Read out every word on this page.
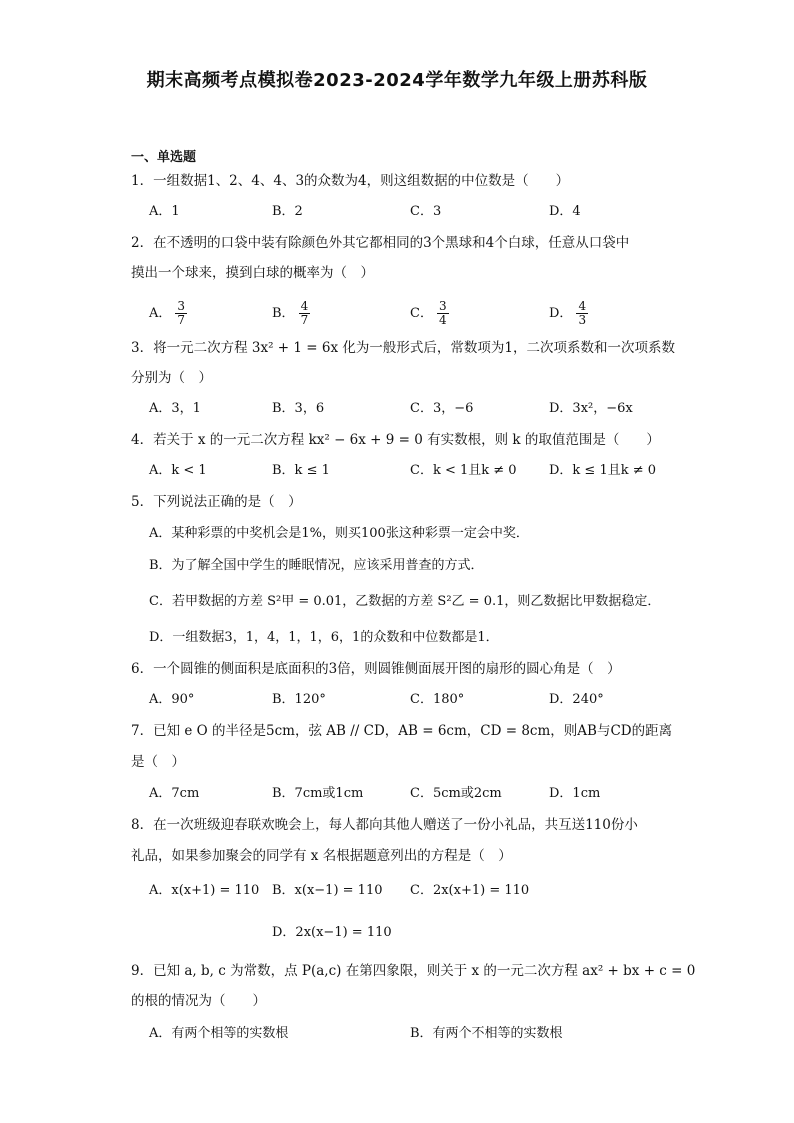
期末高频考点模拟卷2023-2024学年数学九年级上册苏科版
一、单选题
1．一组数据1、2、4、4、3的众数为4，则这组数据的中位数是（　　）
A．1	B．2	C．3	D．4
2．在不透明的口袋中装有除颜色外其它都相同的3个黑球和4个白球，任意从口袋中
摸出一个球来，摸到白球的概率为（　）
A． $\frac{3}{7}$	B． $\frac{4}{7}$	C． $\frac{3}{4}$	D． $\frac{4}{3}$
3．将一元二次方程 3x² + 1 = 6x 化为一般形式后，常数项为1，二次项系数和一次项系数
分别为（　）
A．3，1	B．3，6	C．3，−6	D．3x²，−6x
4．若关于 x 的一元二次方程 kx² − 6x + 9 = 0 有实数根，则 k 的取值范围是（　　）
A．k < 1	B．k ≤ 1	C．k < 1且k ≠ 0 D．k ≤ 1且k ≠ 0
5．下列说法正确的是（　）
A．某种彩票的中奖机会是1%，则买100张这种彩票一定会中奖．
B．为了解全国中学生的睡眠情况，应该采用普查的方式．
C．若甲数据的方差 S²甲 = 0.01，乙数据的方差 S²乙 = 0.1，则乙数据比甲数据稳定．
D．一组数据3，1，4，1，1，6，1的众数和中位数都是1．
6．一个圆锥的侧面积是底面积的3倍，则圆锥侧面展开图的扇形的圆心角是（　）
A．90°	B．120°	C．180°	D．240°
7．已知 e O 的半径是5cm，弦 AB // CD，AB = 6cm，CD = 8cm，则AB与CD的距离
是（　）
A．7cm	B．7cm或1cm	C．5cm或2cm	D．1cm
8．在一次班级迎春联欢晚会上，每人都向其他人赠送了一份小礼品，共互送110份小
礼品，如果参加聚会的同学有 x 名根据题意列出的方程是（　）
A．x(x+1) = 110 B．x(x−1) = 110 C．2x(x+1) = 110
D．2x(x−1) = 110
9．已知 a, b, c 为常数，点 P(a,c) 在第四象限，则关于 x 的一元二次方程 ax² + bx + c = 0
的根的情况为（　　）
A．有两个相等的实数根	B．有两个不相等的实数根
